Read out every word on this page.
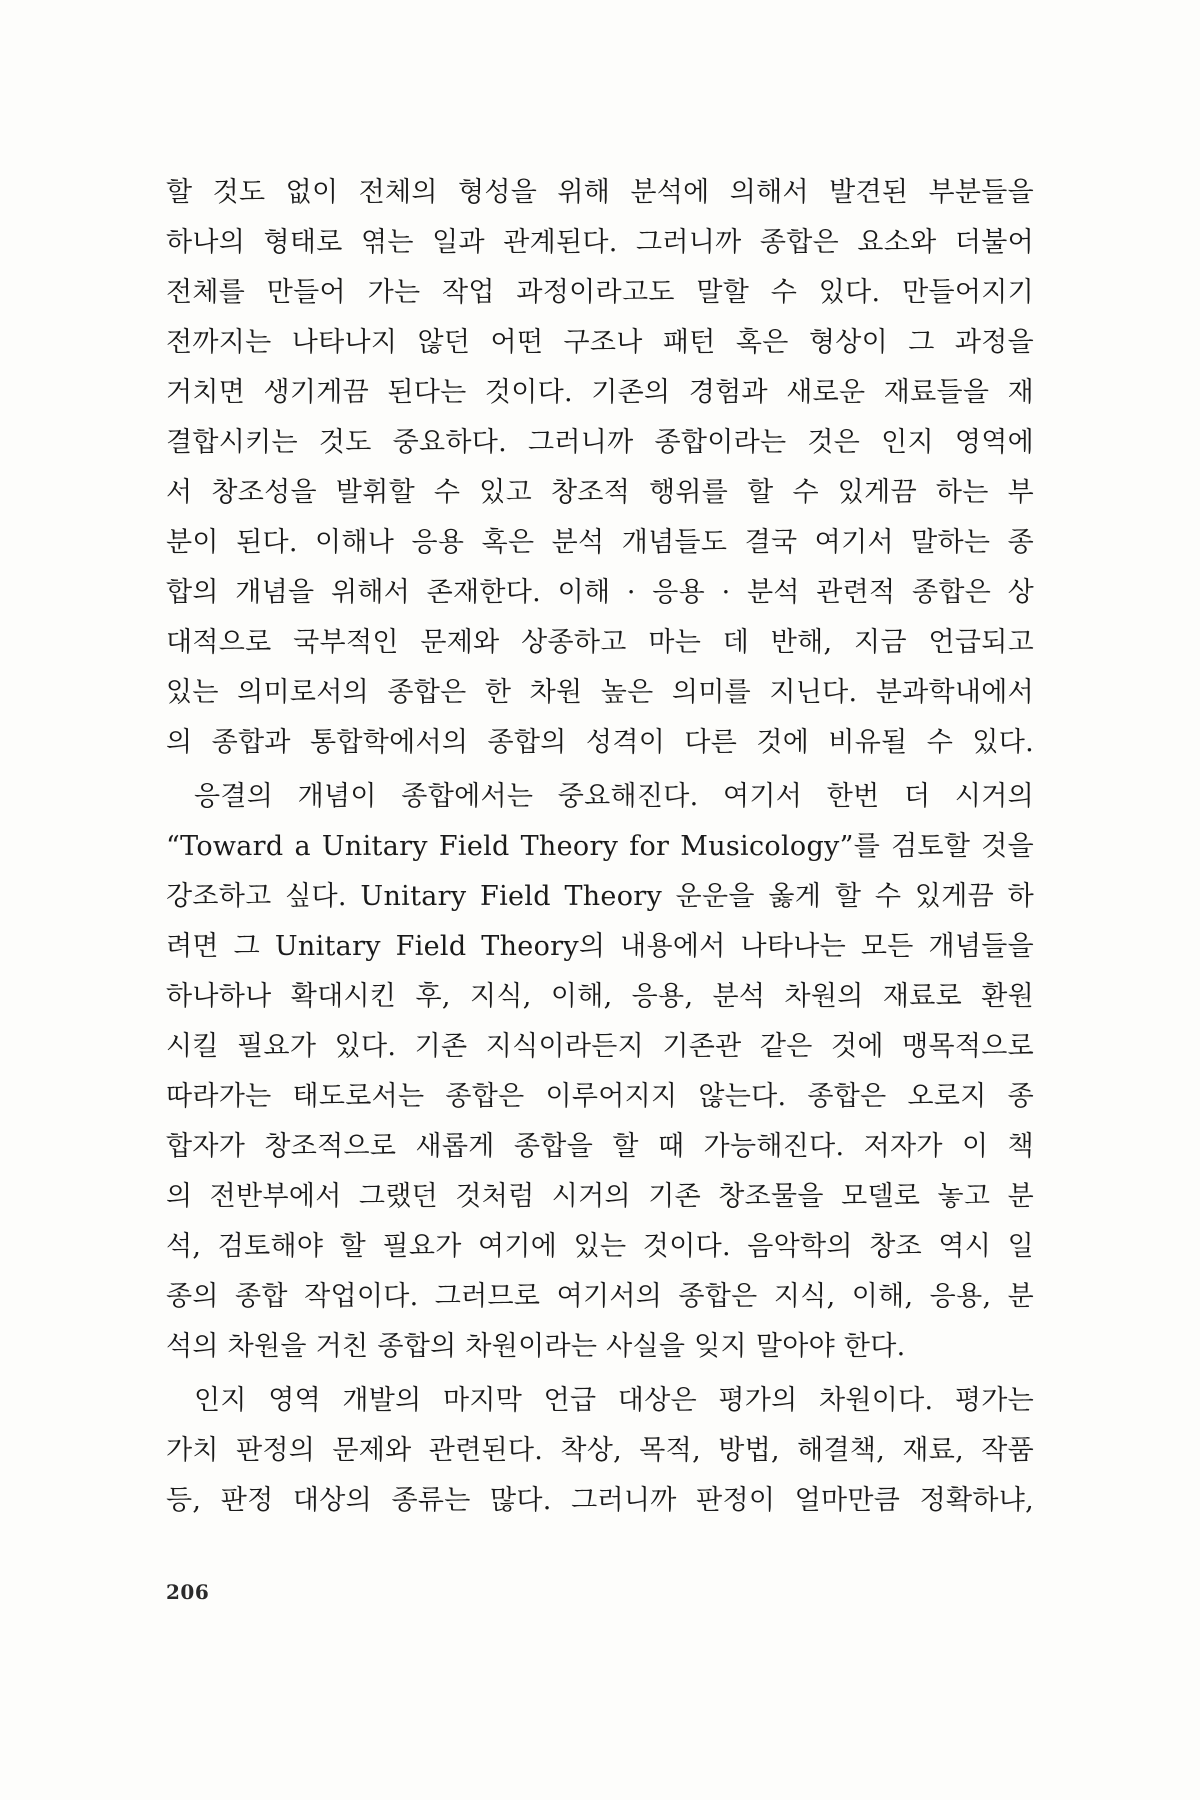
할 것도 없이 전체의 형성을 위해 분석에 의해서 발견된 부분들을
하나의 형태로 엮는 일과 관계된다. 그러니까 종합은 요소와 더불어
전체를 만들어 가는 작업 과정이라고도 말할 수 있다. 만들어지기
전까지는 나타나지 않던 어떤 구조나 패턴 혹은 형상이 그 과정을
거치면 생기게끔 된다는 것이다. 기존의 경험과 새로운 재료들을 재
결합시키는 것도 중요하다. 그러니까 종합이라는 것은 인지 영역에
서 창조성을 발휘할 수 있고 창조적 행위를 할 수 있게끔 하는 부
분이 된다. 이해나 응용 혹은 분석 개념들도 결국 여기서 말하는 종
합의 개념을 위해서 존재한다. 이해 · 응용 · 분석 관련적 종합은 상
대적으로 국부적인 문제와 상종하고 마는 데 반해, 지금 언급되고
있는 의미로서의 종합은 한 차원 높은 의미를 지닌다. 분과학내에서
의 종합과 통합학에서의 종합의 성격이 다른 것에 비유될 수 있다.
응결의 개념이 종합에서는 중요해진다. 여기서 한번 더 시거의
“Toward a Unitary Field Theory for Musicology”를 검토할 것을
강조하고 싶다. Unitary Field Theory 운운을 옳게 할 수 있게끔 하
려면 그 Unitary Field Theory의 내용에서 나타나는 모든 개념들을
하나하나 확대시킨 후, 지식, 이해, 응용, 분석 차원의 재료로 환원
시킬 필요가 있다. 기존 지식이라든지 기존관 같은 것에 맹목적으로
따라가는 태도로서는 종합은 이루어지지 않는다. 종합은 오로지 종
합자가 창조적으로 새롭게 종합을 할 때 가능해진다. 저자가 이 책
의 전반부에서 그랬던 것처럼 시거의 기존 창조물을 모델로 놓고 분
석, 검토해야 할 필요가 여기에 있는 것이다. 음악학의 창조 역시 일
종의 종합 작업이다. 그러므로 여기서의 종합은 지식, 이해, 응용, 분
석의 차원을 거친 종합의 차원이라는 사실을 잊지 말아야 한다.
인지 영역 개발의 마지막 언급 대상은 평가의 차원이다. 평가는
가치 판정의 문제와 관련된다. 착상, 목적, 방법, 해결책, 재료, 작품
등, 판정 대상의 종류는 많다. 그러니까 판정이 얼마만큼 정확하냐,
206
